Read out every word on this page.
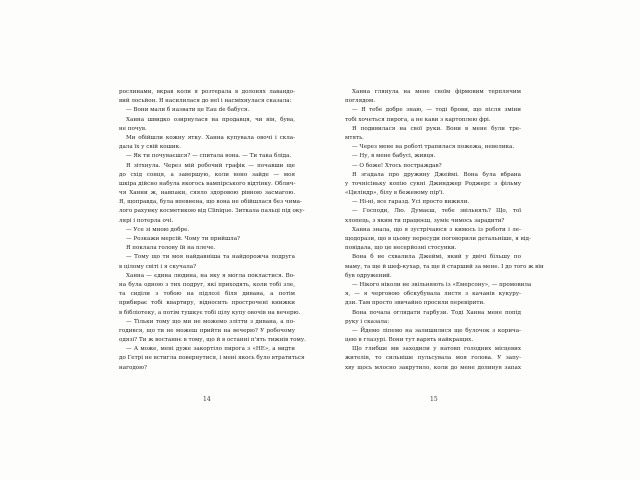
рослинами, вкрав коли я розтерала в долонях лавандо-
вий лосьйон. Я насилилася до неї і насміхнулася сказала:
— Вони мали б назвати це Еаu de бабуся.
Ханна швидко озирнулася на продавця, чи він, бува,
не почув.
Ми обійшли кожну ятку. Ханна купувала овочі і скла-
дала їх у свій кошик.
— Як ти почуваєшся? — спитала вона. — Ти така бліда.
Я зітхнула. Через мій робочий графік — почавши ще
до схід сонця, а завершую, коли воно зайде — моя
шкіра дійсно набула якогось вампірського відтінку. Облич-
чя Ханни ж, навпаки, сяяло здоровою рівною засмагою.
Я, щоправда, була впевнена, що вона не обійшлася без чима-
лого рахунку косметикою від Clinique. Зиткала пальці під оку-
лярі і потерла очі.
— Усе зі мною добре.
— Розкажи мерсій. Чому ти прийшла?
Я поклала голову їй на плече.
— Тому що ти моя найдавніша та найдорожча подруга
в цілому світі і я скучала?
Ханна — єдина людина, на яку я могла покластися. Во-
на була одною з тих подруг, які приходять, коли тобі зле,
та сиділи з тобою на підлозі біля дивана, а потім
прибирає тобі квартиру, відносить прострочені книжки
в бібліотеку, а потім тушкує тобі цілу купу овочів на вечерю.
— Тільки тому що ми не можемо злітти з дивана, а по-
годився, що ти не можеш прийти на вечерю? У робочому
одязі? Ти ж востаннє в тому, що й в останні п'ять тижнів тому.
— А може, мені дуже закортіло пирога з «НЕ», а видти
до Гетрі не встигла повернутися, і мені якось було втратиться
нагодою?
14
Ханна глянула на мене своїм фірмовим терплячим
поглядом.
— Я тебе добре знаю, — тоді брови, що після зміни
тобі хочеться пирога, а не кави з картоплею фрі.
Я подивилася на свої руки. Вони в мене були тре-
мтять.
— Через мене на роботі трапилася пожежа, невелика.
— Ну, в мене бабусі, живця.
— О боже! Хтось постраждав?
Я згадала про дружину Джеймі. Вона була вбрана
у точнісіньку копію сукні Джинджер Роджерс з фільму
«Циліндр», білу в бежевому пір'ї.
— Ні-ні, все гаразд. Усі просто вижили.
— Господи, Лю. Думаєш, тебе звільнять? Що, тої
хлопець, з яким ти працюєш, зуміє чимось зарадити?
Ханна знала, що я зустрічаюся з кимось із роботи і ле-
щодорази, що в цьому пересуди поговорили детальніше, я від-
повідала, що це несерйозні стосунки.
Вона б не схвалила Джеймі, який у двічі більшу по
маму, та ще й шеф-кухар, та ще й старший за мене. І до того ж він
був одружений.
— Нікого ніколи не звільняють із «Емерсону», — промовила
я, — я черговою обскубувала листя з качанів кукуру-
дзи. Там просто звичайно просили перевірити.
Вона почала оглядати гарбузи. Тоді Ханна мене попід
руку і сказала:
— Йдемо ліпемо на залишилися ще булочок з корича-
цею в глазурі. Вони тут варять найкращих.
Що глибше ми заходили у натовп голодних місцевих
жителів, то сильніше пульсувала моя голова. У запу-
хву щось млосно закрутило, коли до мене долинув запах
15
